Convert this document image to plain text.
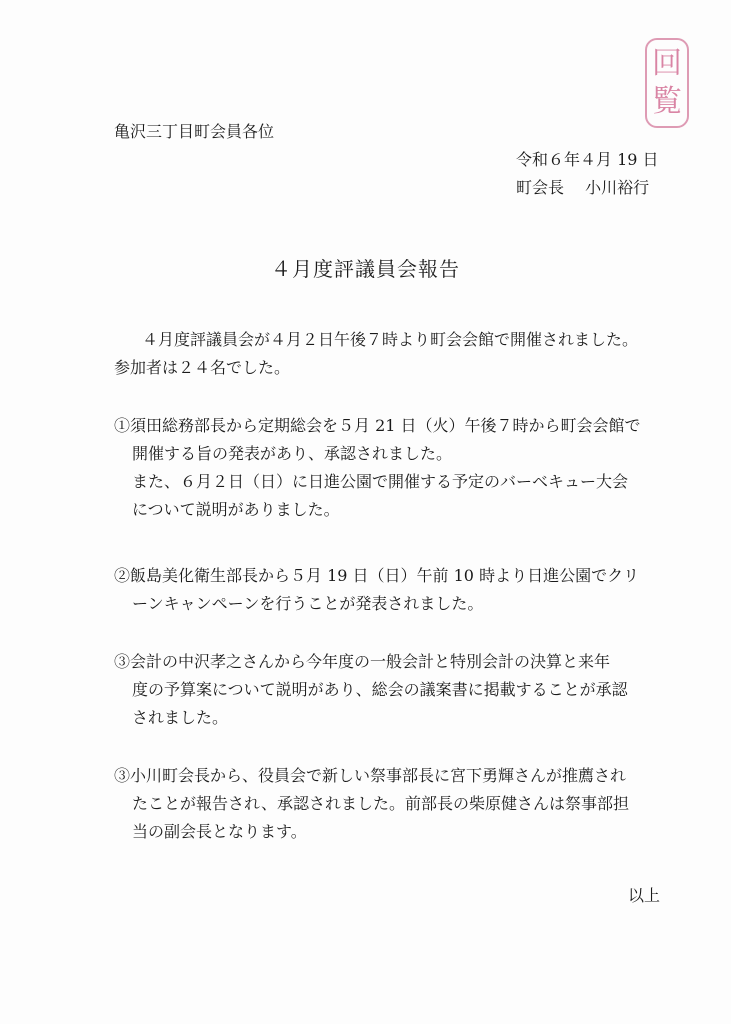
回
覧
亀沢三丁目町会員各位
令和６年４月 19 日
町会長　 小川裕行
４月度評議員会報告
４月度評議員会が４月２日午後７時より町会会館で開催されました。
参加者は２４名でした。
①須田総務部長から定期総会を５月 21 日（火）午後７時から町会会館で
開催する旨の発表があり、承認されました。
また、６月２日（日）に日進公園で開催する予定のバーベキュー大会
について説明がありました。
②飯島美化衛生部長から５月 19 日（日）午前 10 時より日進公園でクリ
ーンキャンペーンを行うことが発表されました。
③会計の中沢孝之さんから今年度の一般会計と特別会計の決算と来年
度の予算案について説明があり、総会の議案書に掲載することが承認
されました。
③小川町会長から、役員会で新しい祭事部長に宮下勇輝さんが推薦され
たことが報告され、承認されました。前部長の柴原健さんは祭事部担
当の副会長となります。
以上
